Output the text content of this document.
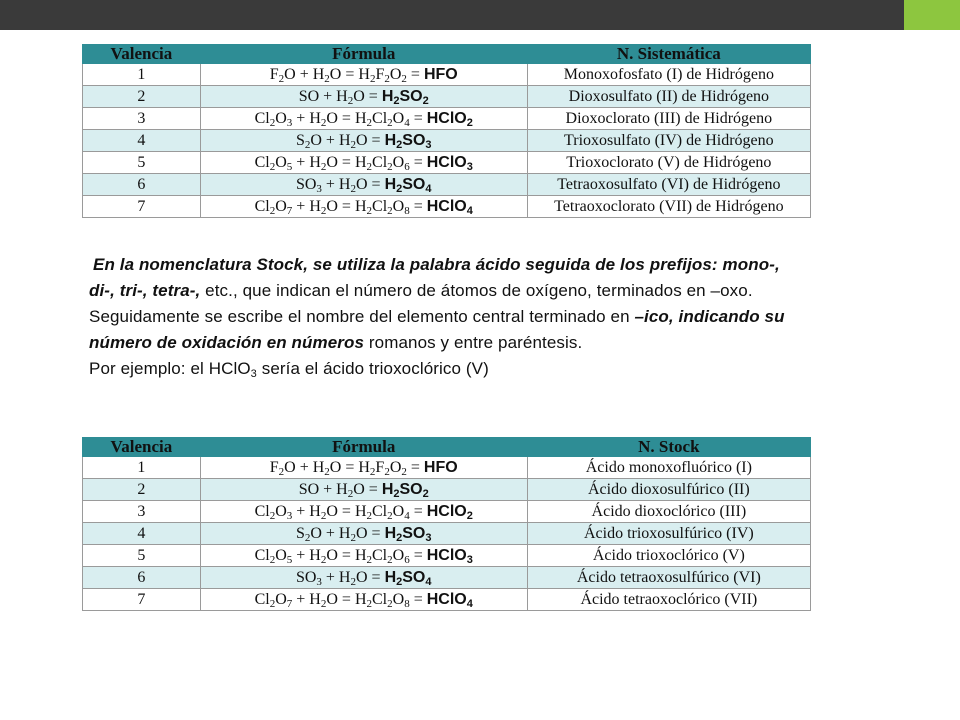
Valencia	Fórmula	N. Sistemática
1	$F_2O + H_2O = H_2F_2O_2$ = HFO	Monoxofosfato (I) de Hidrógeno
2	SO + $H_2O = H_2SO_2$	Dioxosulfato (II) de Hidrógeno
3	$Cl_2O_3 + H_2O = H_2Cl_2O_4$ = HClO$_2$	Dioxoclorato (III) de Hidrógeno
4	$S_2O + H_2O = H_2SO_3$	Trioxosulfato (IV) de Hidrógeno
5	$Cl_2O_5 + H_2O = H_2Cl_2O_6$ = HClO$_3$	Trioxoclorato (V) de Hidrógeno
6	$SO_3 + H_2O = H_2SO_4$	Tetraoxosulfato (VI) de Hidrógeno
7	$Cl_2O_7 + H_2O = H_2Cl_2O_8$ = HClO$_4$	Tetraoxoclorato (VII) de Hidrógeno

En la nomenclatura Stock, se utiliza la palabra ácido seguida de los prefijos: mono-, di-, tri-, tetra-, etc., que indican el número de átomos de oxígeno, terminados en –oxo. Seguidamente se escribe el nombre del elemento central terminado en –ico, indicando su número de oxidación en números romanos y entre paréntesis.

Por ejemplo: el HClO$_3$ sería el ácido trioxoclórico (V)

Valencia	Fórmula	N. Stock
1	$F_2O + H_2O = H_2F_2O_2$ = HFO	Ácido monoxofluórico (I)
2	SO + $H_2O = H_2SO_2$	Ácido dioxosulfúrico (II)
3	$Cl_2O_3 + H_2O = H_2Cl_2O_4$ = HClO$_2$	Ácido dioxoclórico (III)
4	$S_2O + H_2O = H_2SO_3$	Ácido trioxosulfúrico (IV)
5	$Cl_2O_5 + H_2O = H_2Cl_2O_6$ = HClO$_3$	Ácido trioxoclórico (V)
6	$SO_3 + H_2O = H_2SO_4$	Ácido tetraoxosulfúrico (VI)
7	$Cl_2O_7 + H_2O = H_2Cl_2O_8$ = HClO$_4$	Ácido tetraoxoclórico (VII)
